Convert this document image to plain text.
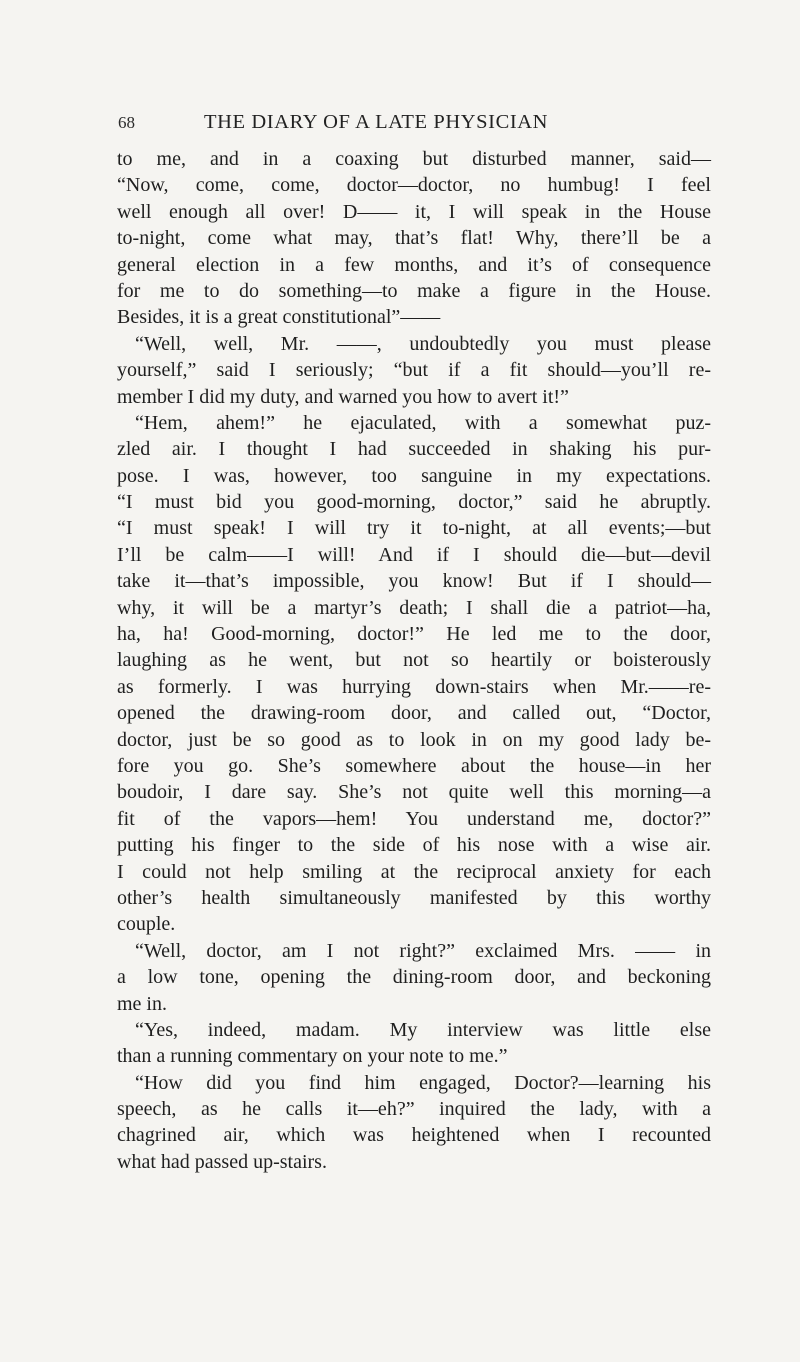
68	THE DIARY OF A LATE PHYSICIAN
to me, and in a coaxing but disturbed manner, said—
“Now, come, come, doctor—doctor, no humbug! I feel
well enough all over! D—— it, I will speak in the House
to-night, come what may, that’s flat! Why, there’ll be a
general election in a few months, and it’s of consequence
for me to do something—to make a figure in the House.
Besides, it is a great constitutional”——
“Well, well, Mr. ——, undoubtedly you must please
yourself,” said I seriously; “but if a fit should—you’ll re-
member I did my duty, and warned you how to avert it!”
“Hem, ahem!” he ejaculated, with a somewhat puz-
zled air. I thought I had succeeded in shaking his pur-
pose. I was, however, too sanguine in my expectations.
“I must bid you good-morning, doctor,” said he abruptly.
“I must speak! I will try it to-night, at all events;—but
I’ll be calm——I will! And if I should die—but—devil
take it—that’s impossible, you know! But if I should—
why, it will be a martyr’s death; I shall die a patriot—ha,
ha, ha! Good-morning, doctor!” He led me to the door,
laughing as he went, but not so heartily or boisterously
as formerly. I was hurrying down-stairs when Mr.——re-
opened the drawing-room door, and called out, “Doctor,
doctor, just be so good as to look in on my good lady be-
fore you go. She’s somewhere about the house—in her
boudoir, I dare say. She’s not quite well this morning—a
fit of the vapors—hem! You understand me, doctor?”
putting his finger to the side of his nose with a wise air.
I could not help smiling at the reciprocal anxiety for each
other’s health simultaneously manifested by this worthy
couple.
“Well, doctor, am I not right?” exclaimed Mrs. —— in
a low tone, opening the dining-room door, and beckoning
me in.
“Yes, indeed, madam. My interview was little else
than a running commentary on your note to me.”
“How did you find him engaged, Doctor?—learning his
speech, as he calls it—eh?” inquired the lady, with a
chagrined air, which was heightened when I recounted
what had passed up-stairs.
